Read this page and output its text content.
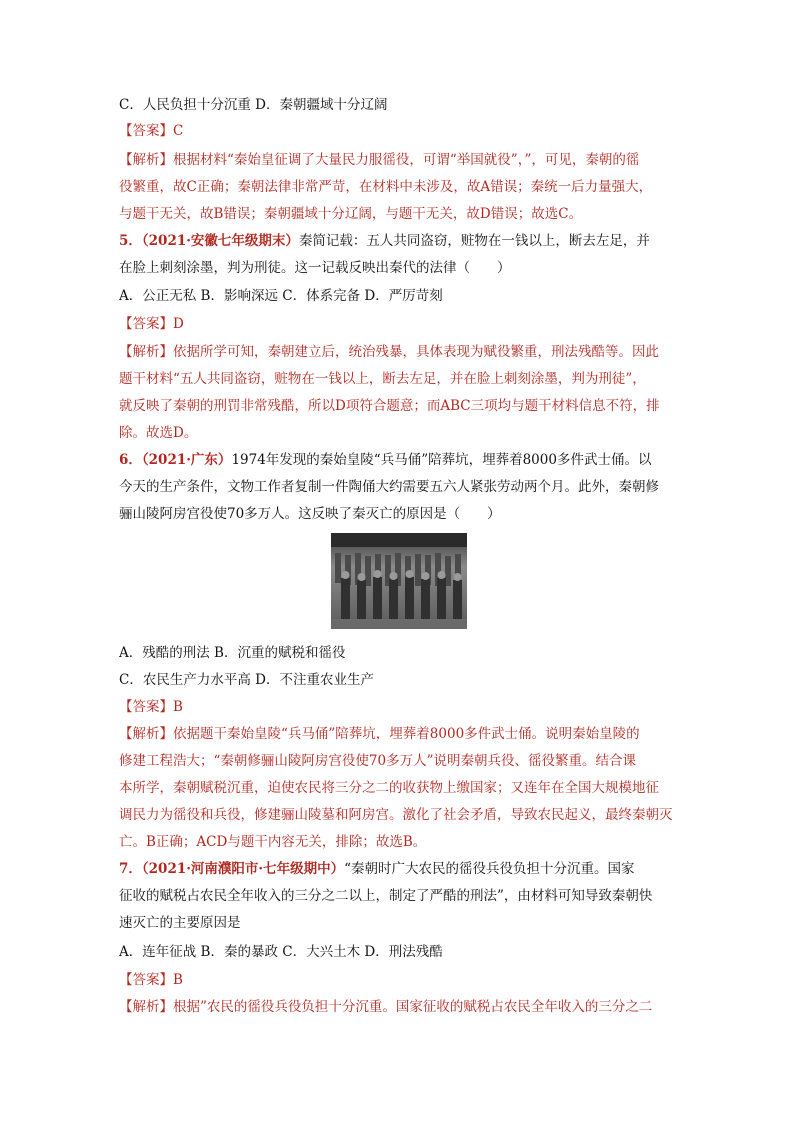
C．人民负担十分沉重 D．秦朝疆域十分辽阔
【答案】C
【解析】根据材料“秦始皇征调了大量民力服徭役，可谓“举国就役”，”，可见，秦朝的徭
役繁重，故C正确；秦朝法律非常严苛，在材料中未涉及，故A错误；秦统一后力量强大，
与题干无关，故B错误；秦朝疆域十分辽阔，与题干无关，故D错误；故选C。
5．（2021·安徽七年级期末）秦简记载：五人共同盗窃，赃物在一钱以上，断去左足，并
在脸上刺刻涂墨，判为刑徒。这一记载反映出秦代的法律（　　）
A．公正无私 B．影响深远 C．体系完备 D．严厉苛刻
【答案】D
【解析】依据所学可知，秦朝建立后，统治残暴，具体表现为赋役繁重，刑法残酷等。因此
题干材料“五人共同盗窃，赃物在一钱以上，断去左足，并在脸上刺刻涂墨，判为刑徒”，
就反映了秦朝的刑罚非常残酷，所以D项符合题意；而ABC三项均与题干材料信息不符，排
除。故选D。
6．（2021·广东）1974年发现的秦始皇陵“兵马俑”陪葬坑，埋葬着8000多件武士俑。以
今天的生产条件，文物工作者复制一件陶俑大约需要五六人紧张劳动两个月。此外，秦朝修
骊山陵阿房宫役使70多万人。这反映了秦灭亡的原因是（　　）
A．残酷的刑法 B．沉重的赋税和徭役
C．农民生产力水平高 D．不注重农业生产
【答案】B
【解析】依据题干秦始皇陵“兵马俑”陪葬坑，埋葬着8000多件武士俑。说明秦始皇陵的
修建工程浩大；“秦朝修骊山陵阿房宫役使70多万人”说明秦朝兵役、徭役繁重。结合课
本所学，秦朝赋税沉重，迫使农民将三分之二的收获物上缴国家；又连年在全国大规模地征
调民力为徭役和兵役，修建骊山陵墓和阿房宫。激化了社会矛盾，导致农民起义，最终秦朝灭
亡。B正确；ACD与题干内容无关，排除；故选B。
7．（2021·河南濮阳市·七年级期中）“秦朝时广大农民的徭役兵役负担十分沉重。国家
征收的赋税占农民全年收入的三分之二以上，制定了严酷的刑法”，由材料可知导致秦朝快
速灭亡的主要原因是
A．连年征战 B．秦的暴政 C．大兴土木 D．刑法残酷
【答案】B
【解析】根据”农民的徭役兵役负担十分沉重。国家征收的赋税占农民全年收入的三分之二
